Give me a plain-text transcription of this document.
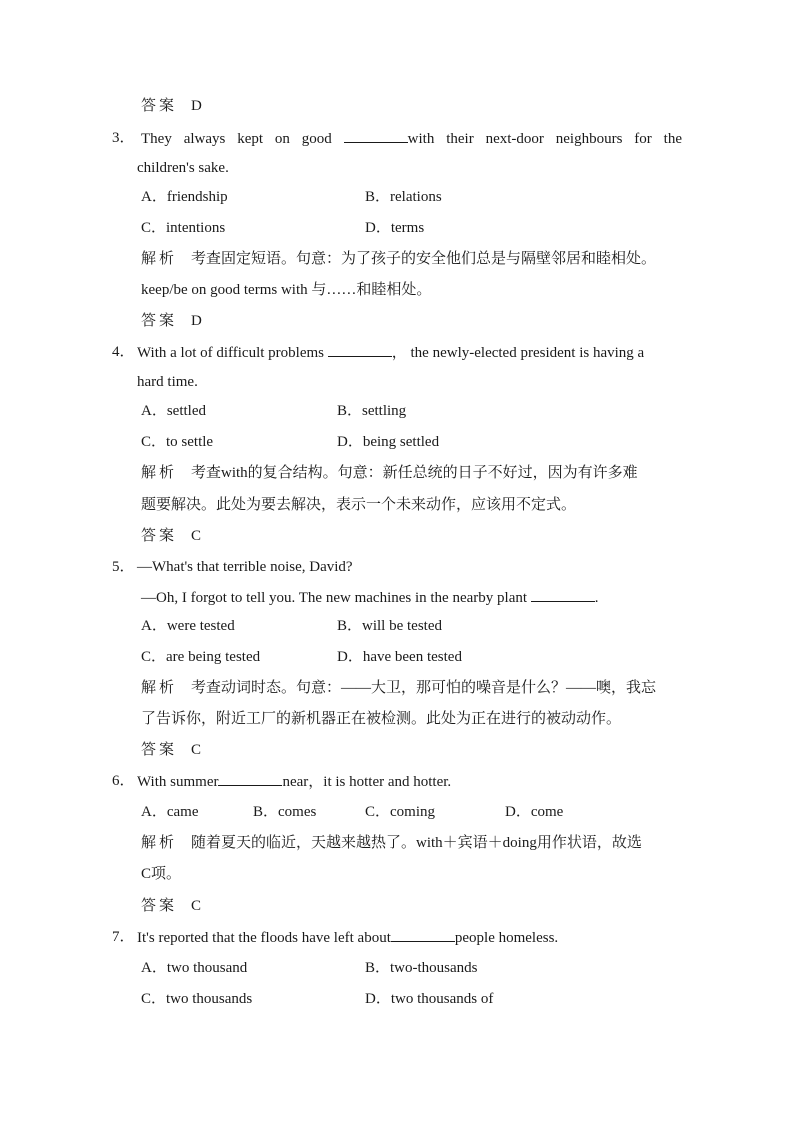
答案 D
3． They always kept on good	with their next-door neighbours for the
children's sake.
A．friendship	B．relations
C．intentions	D．terms
解析 考查固定短语。句意：为了孩子的安全他们总是与隔壁邻居和睦相处。
keep/be on good terms with 与……和睦相处。
答案 D
4． With a lot of difficult problems	， the newly-elected president is having a
hard time.
A．settled	B．settling
C．to settle	D．being settled
解析 考查with的复合结构。句意：新任总统的日子不好过，因为有许多难
题要解决。此处为要去解决，表示一个未来动作，应该用不定式。
答案 C
5． —What's that terrible noise, David?
—Oh, I forgot to tell you. The new machines in the nearby plant	.
A．were tested	B．will be tested
C．are being tested	D．have been tested
解析 考查动词时态。句意：——大卫，那可怕的噪音是什么？——噢，我忘
了告诉你，附近工厂的新机器正在被检测。此处为正在进行的被动动作。
答案 C
6． With summer	near，it is hotter and hotter.
A．came	B．comes	C．coming	D．come
解析 随着夏天的临近，天越来越热了。with＋宾语＋doing用作状语，故选
C项。
答案 C
7． It's reported that the floods have left about	people homeless.
A．two thousand	B．two-thousands
C．two thousands	D．two thousands of
